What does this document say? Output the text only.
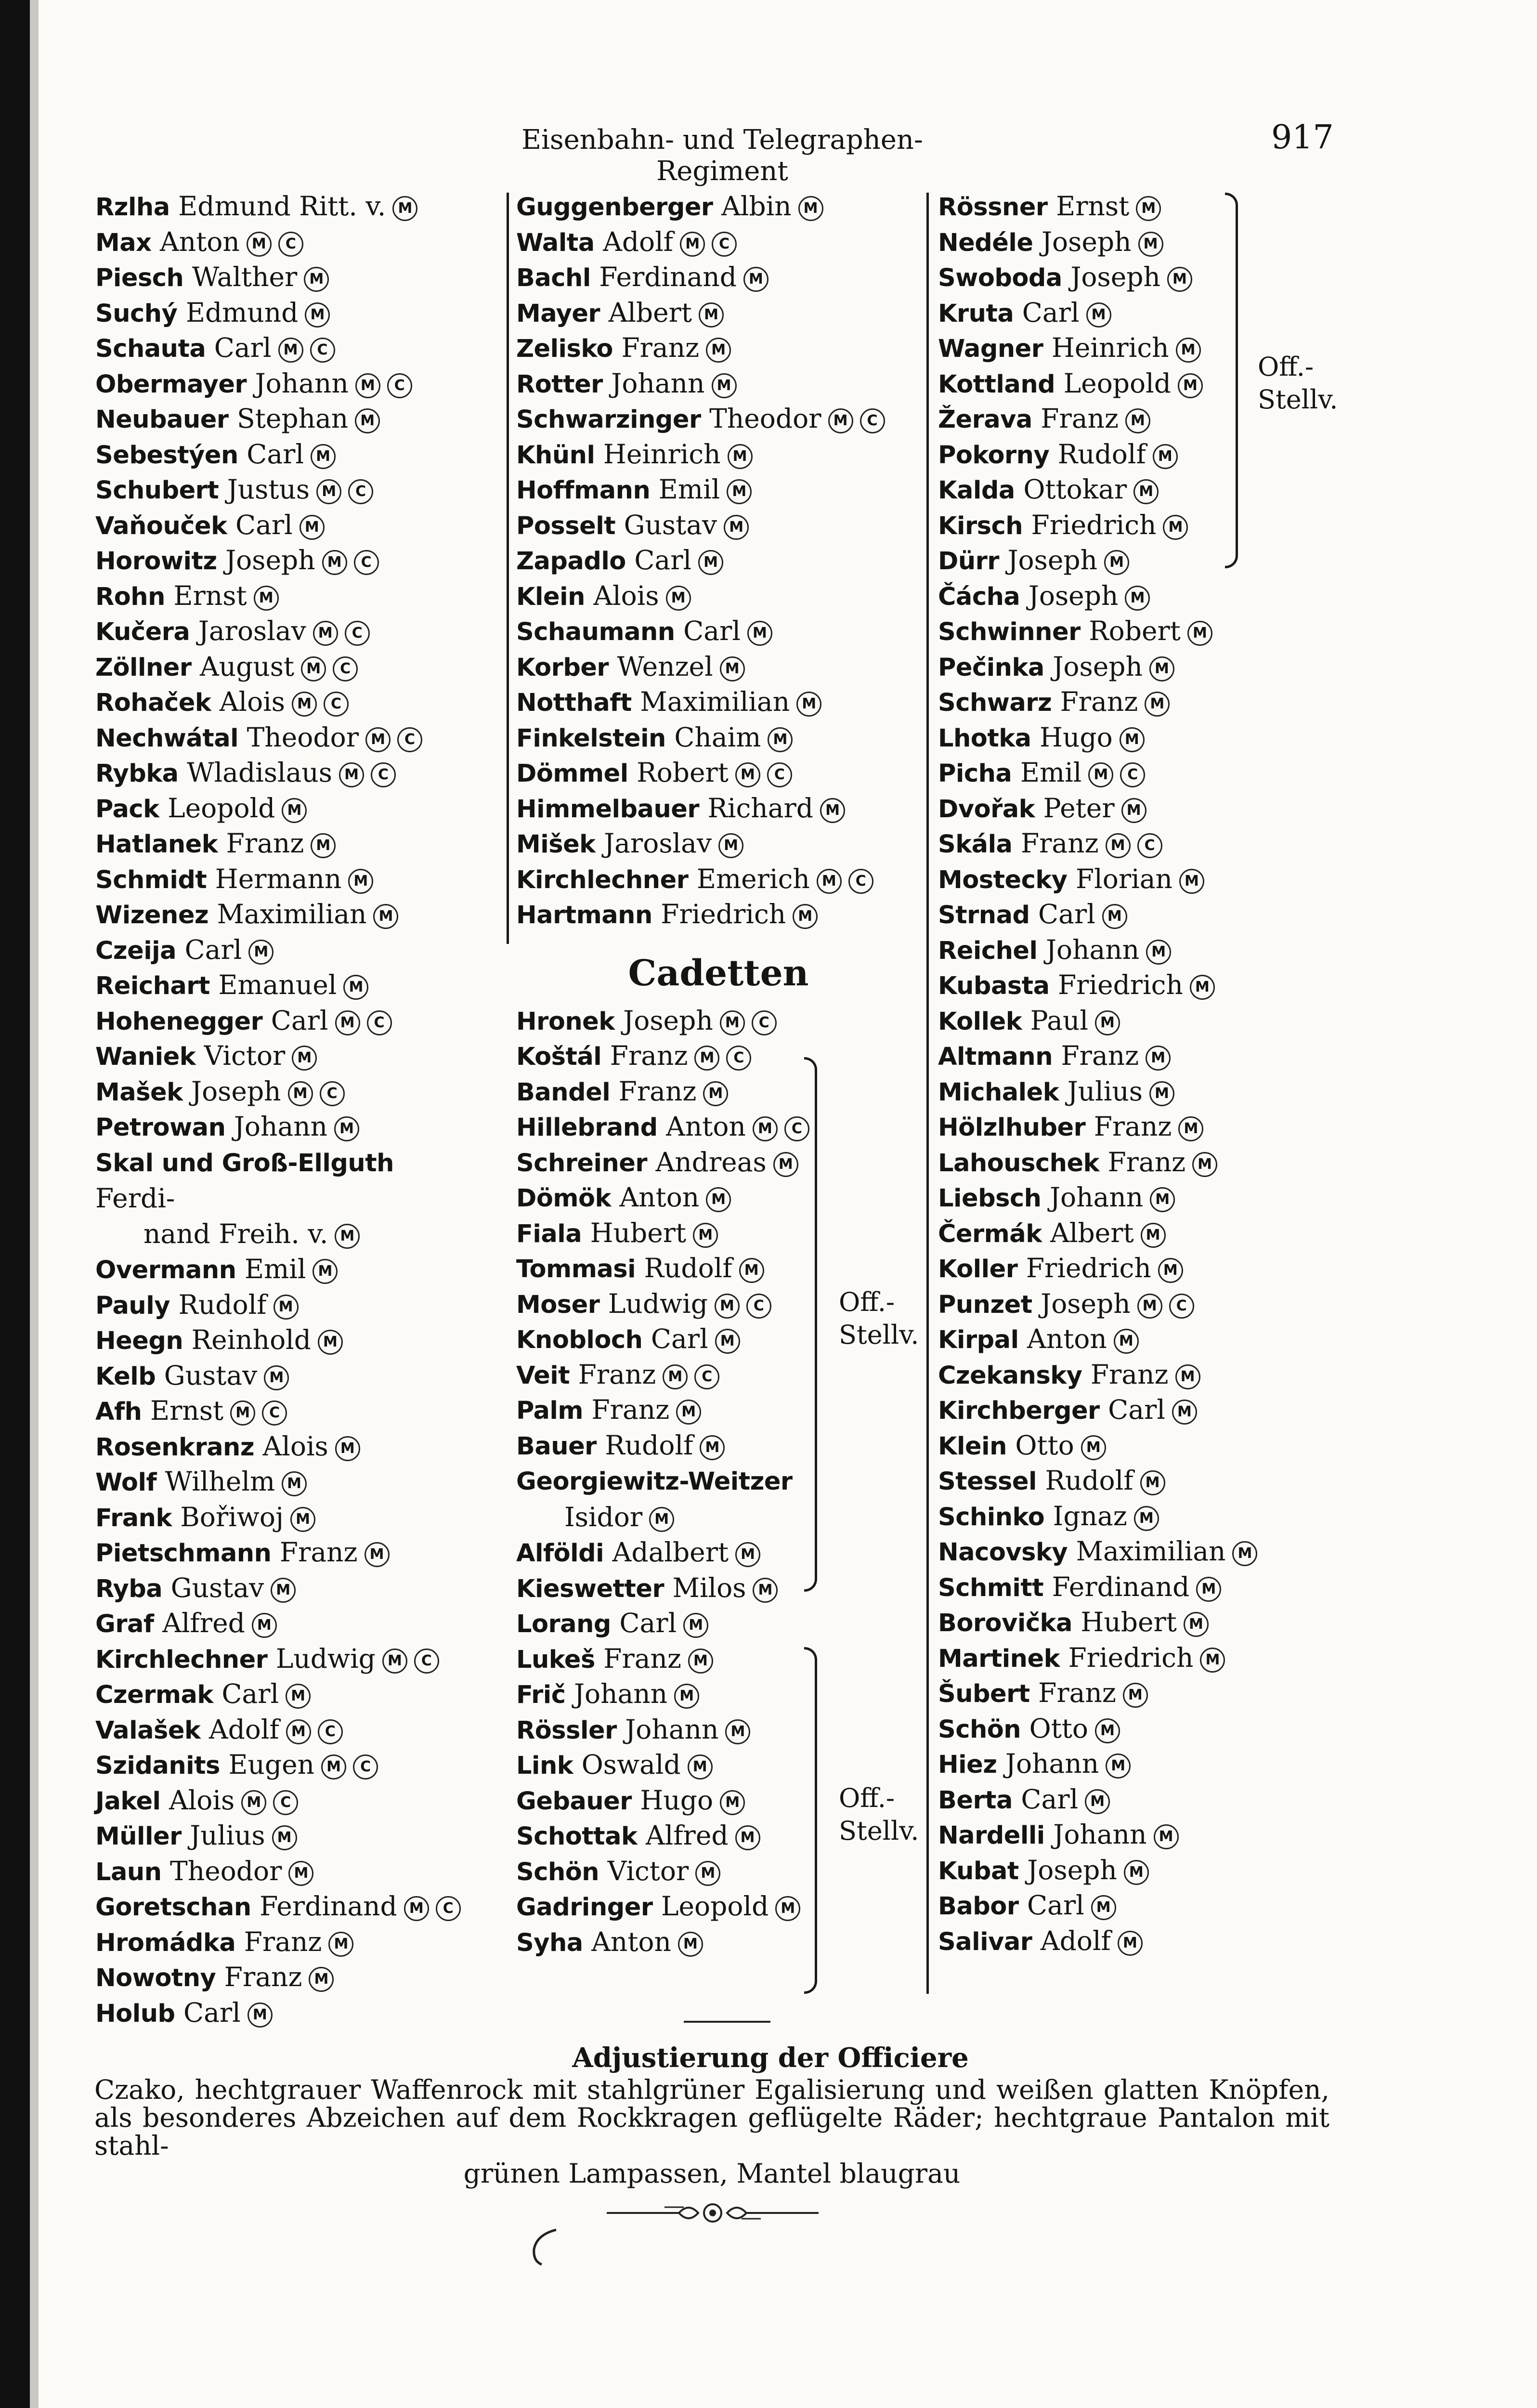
Eisenbahn- und Telegraphen-Regiment
917
Rzlha Edmund Ritt. v. M
Max Anton M C
Piesch Walther M
Suchý Edmund M
Schauta Carl M C
Obermayer Johann M C
Neubauer Stephan M
Sebestýen Carl M
Schubert Justus M C
Vaňouček Carl M
Horowitz Joseph M C
Rohn Ernst M
Kučera Jaroslav M C
Zöllner August M C
Rohaček Alois M C
Nechwátal Theodor M C
Rybka Wladislaus M C
Pack Leopold M
Hatlanek Franz M
Schmidt Hermann M
Wizenez Maximilian M
Czeija Carl M
Reichart Emanuel M
Hohenegger Carl M C
Waniek Victor M
Mašek Joseph M C
Petrowan Johann M
Skal und Groß-Ellguth Ferdi-
nand Freih. v. M
Overmann Emil M
Pauly Rudolf M
Heegn Reinhold M
Kelb Gustav M
Afh Ernst M C
Rosenkranz Alois M
Wolf Wilhelm M
Frank Bořiwoj M
Pietschmann Franz M
Ryba Gustav M
Graf Alfred M
Kirchlechner Ludwig M C
Czermak Carl M
Valašek Adolf M C
Szidanits Eugen M C
Jakel Alois M C
Müller Julius M
Laun Theodor M
Goretschan Ferdinand M C
Hromádka Franz M
Nowotny Franz M
Holub Carl M
Guggenberger Albin M
Walta Adolf M C
Bachl Ferdinand M
Mayer Albert M
Zelisko Franz M
Rotter Johann M
Schwarzinger Theodor M C
Khünl Heinrich M
Hoffmann Emil M
Posselt Gustav M
Zapadlo Carl M
Klein Alois M
Schaumann Carl M
Korber Wenzel M
Notthaft Maximilian M
Finkelstein Chaim M
Dömmel Robert M C
Himmelbauer Richard M
Mišek Jaroslav M
Kirchlechner Emerich M C
Hartmann Friedrich M
Cadetten
Hronek Joseph M C
Koštál Franz M C
Bandel Franz M
Hillebrand Anton M C
Schreiner Andreas M
Dömök Anton M
Fiala Hubert M
Tommasi Rudolf M
Moser Ludwig M C
Knobloch Carl M
Veit Franz M C
Palm Franz M
Bauer Rudolf M
Georgiewitz-Weitzer
Isidor M
Alföldi Adalbert M
Kieswetter Milos M
Lorang Carl M
Lukeš Franz M
Frič Johann M
Rössler Johann M
Link Oswald M
Gebauer Hugo M
Schottak Alfred M
Schön Victor M
Gadringer Leopold M
Syha Anton M
Rössner Ernst M
Nedéle Joseph M
Swoboda Joseph M
Kruta Carl M
Wagner Heinrich M
Kottland Leopold M
Žerava Franz M
Pokorny Rudolf M
Kalda Ottokar M
Kirsch Friedrich M
Dürr Joseph M
Čácha Joseph M
Schwinner Robert M
Pečinka Joseph M
Schwarz Franz M
Lhotka Hugo M
Picha Emil M C
Dvořak Peter M
Skála Franz M C
Mostecky Florian M
Strnad Carl M
Reichel Johann M
Kubasta Friedrich M
Kollek Paul M
Altmann Franz M
Michalek Julius M
Hölzlhuber Franz M
Lahouschek Franz M
Liebsch Johann M
Čermák Albert M
Koller Friedrich M
Punzet Joseph M C
Kirpal Anton M
Czekansky Franz M
Kirchberger Carl M
Klein Otto M
Stessel Rudolf M
Schinko Ignaz M
Nacovsky Maximilian M
Schmitt Ferdinand M
Borovička Hubert M
Martinek Friedrich M
Šubert Franz M
Schön Otto M
Hiez Johann M
Berta Carl M
Nardelli Johann M
Kubat Joseph M
Babor Carl M
Salivar Adolf M
Off.-
Stellv.
Off.-
Stellv.
Off.-
Stellv.
Adjustierung der Officiere
Czako, hechtgrauer Waffenrock mit stahlgrüner Egalisierung und weißen glatten Knöpfen, als besonderes Abzeichen auf dem Rockkragen geflügelte Räder; hechtgraue Pantalon mit stahl-
grünen Lampassen, Mantel blaugrau
